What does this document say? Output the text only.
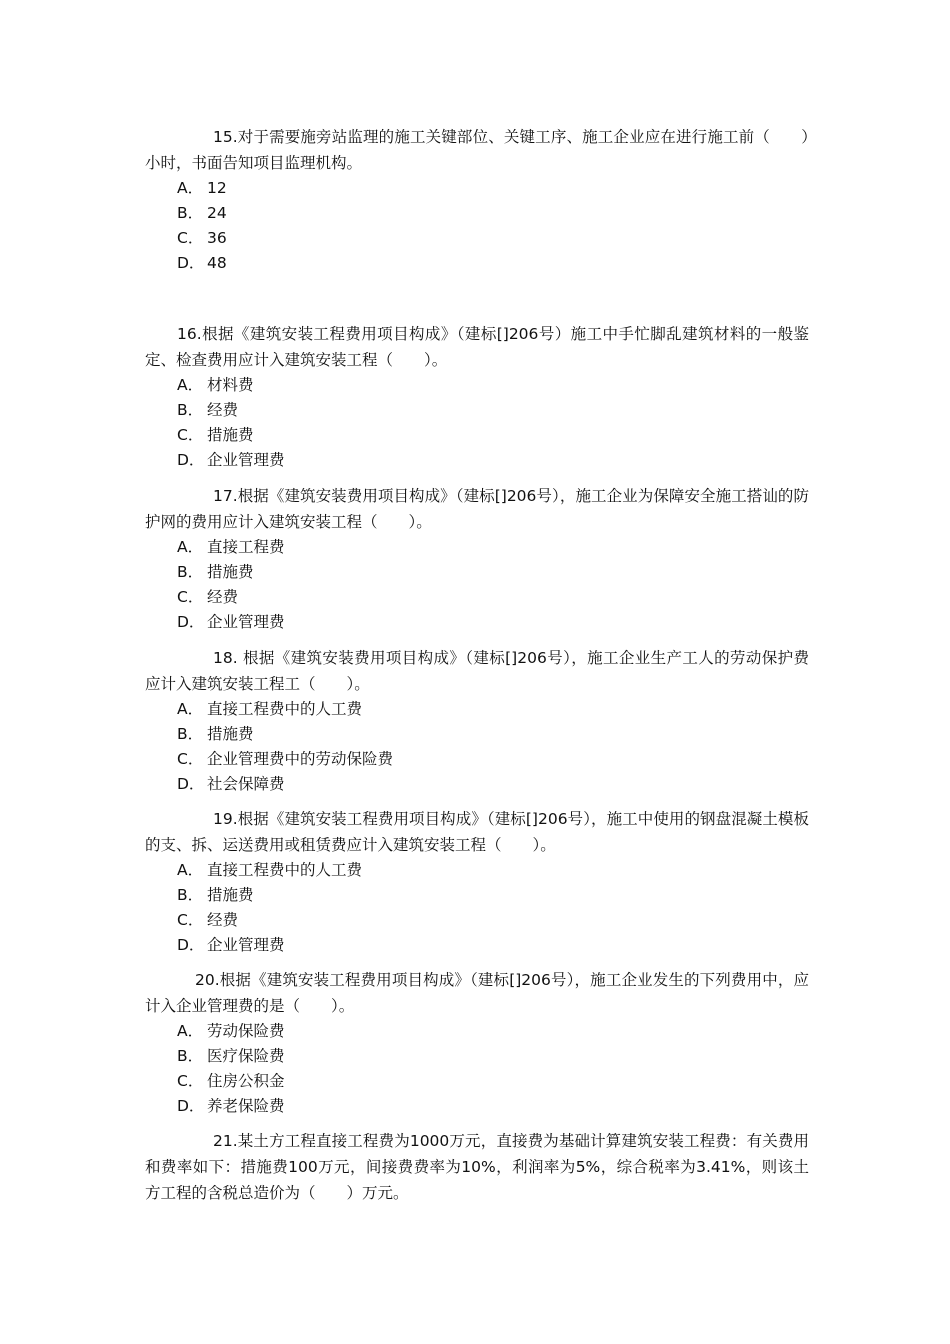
15.对于需要施旁站监理的施工关键部位、关键工序、施工企业应在进行施工前（　　）小时，书面告知项目监理机构。

A． 12
B． 24
C． 36
D． 48

16.根据《建筑安装工程费用项目构成》（建标[]206号）施工中手忙脚乱建筑材料的一般鉴定、检查费用应计入建筑安装工程（　　）。

A． 材料费
B． 经费
C． 措施费
D． 企业管理费

17.根据《建筑安装费用项目构成》（建标[]206号），施工企业为保障安全施工搭讪的防护网的费用应计入建筑安装工程（　　）。

A． 直接工程费
B． 措施费
C． 经费
D． 企业管理费

18. 根据《建筑安装费用项目构成》（建标[]206号），施工企业生产工人的劳动保护费应计入建筑安装工程工（　　）。

A． 直接工程费中的人工费
B． 措施费
C． 企业管理费中的劳动保险费
D． 社会保障费

19.根据《建筑安装工程费用项目构成》（建标[]206号），施工中使用的钢盘混凝土模板的支、拆、运送费用或租赁费应计入建筑安装工程（　　）。

A． 直接工程费中的人工费
B． 措施费
C． 经费
D． 企业管理费

20.根据《建筑安装工程费用项目构成》（建标[]206号），施工企业发生的下列费用中，应计入企业管理费的是（　　）。

A． 劳动保险费
B． 医疗保险费
C． 住房公积金
D． 养老保险费

21.某土方工程直接工程费为1000万元，直接费为基础计算建筑安装工程费：有关费用和费率如下：措施费100万元，间接费费率为10%，利润率为5%，综合税率为3.41%，则该土方工程的含税总造价为（　　）万元。
